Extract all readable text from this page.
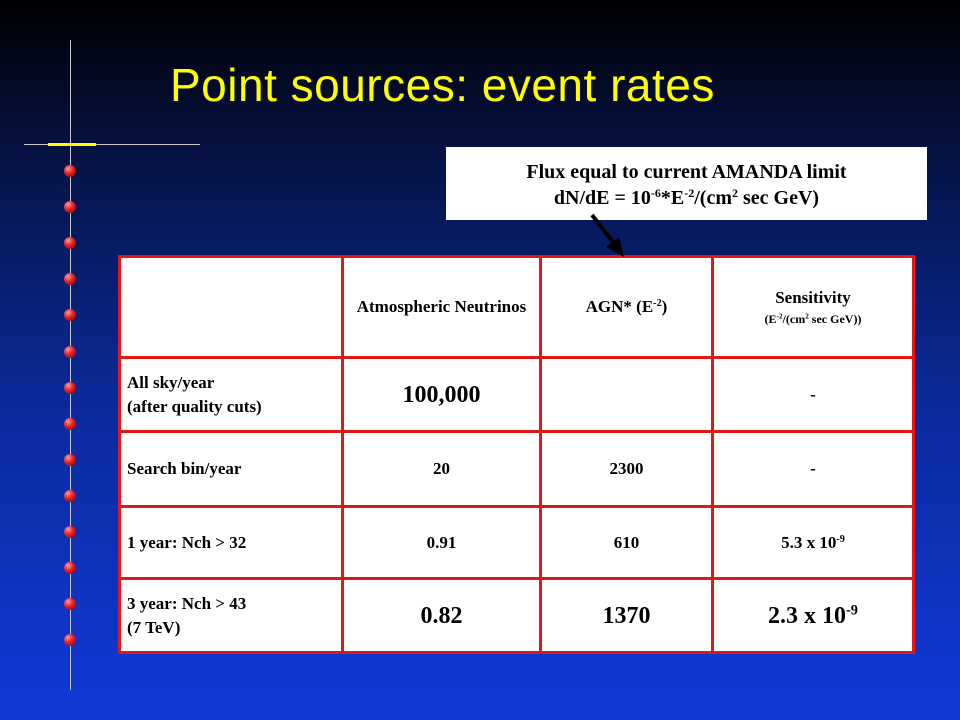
Point sources: event rates
Flux equal to current AMANDA limit
$dN/dE = 10^{-6}*E^{-2}/(cm^2$ sec GeV)
	Atmospheric Neutrinos	AGN* $(E^{-2})$	Sensitivity
($E^{-2}/(cm^2$ sec GeV))

All sky/year
(after quality cuts)	100,000		-
Search bin/year	20	2300	-
1 year: Nch > 32	0.91	610	5.3 x $10^{-9}$
3 year: Nch > 43
(7 TeV)	0.82	1370	2.3 x $10^{-9}$
